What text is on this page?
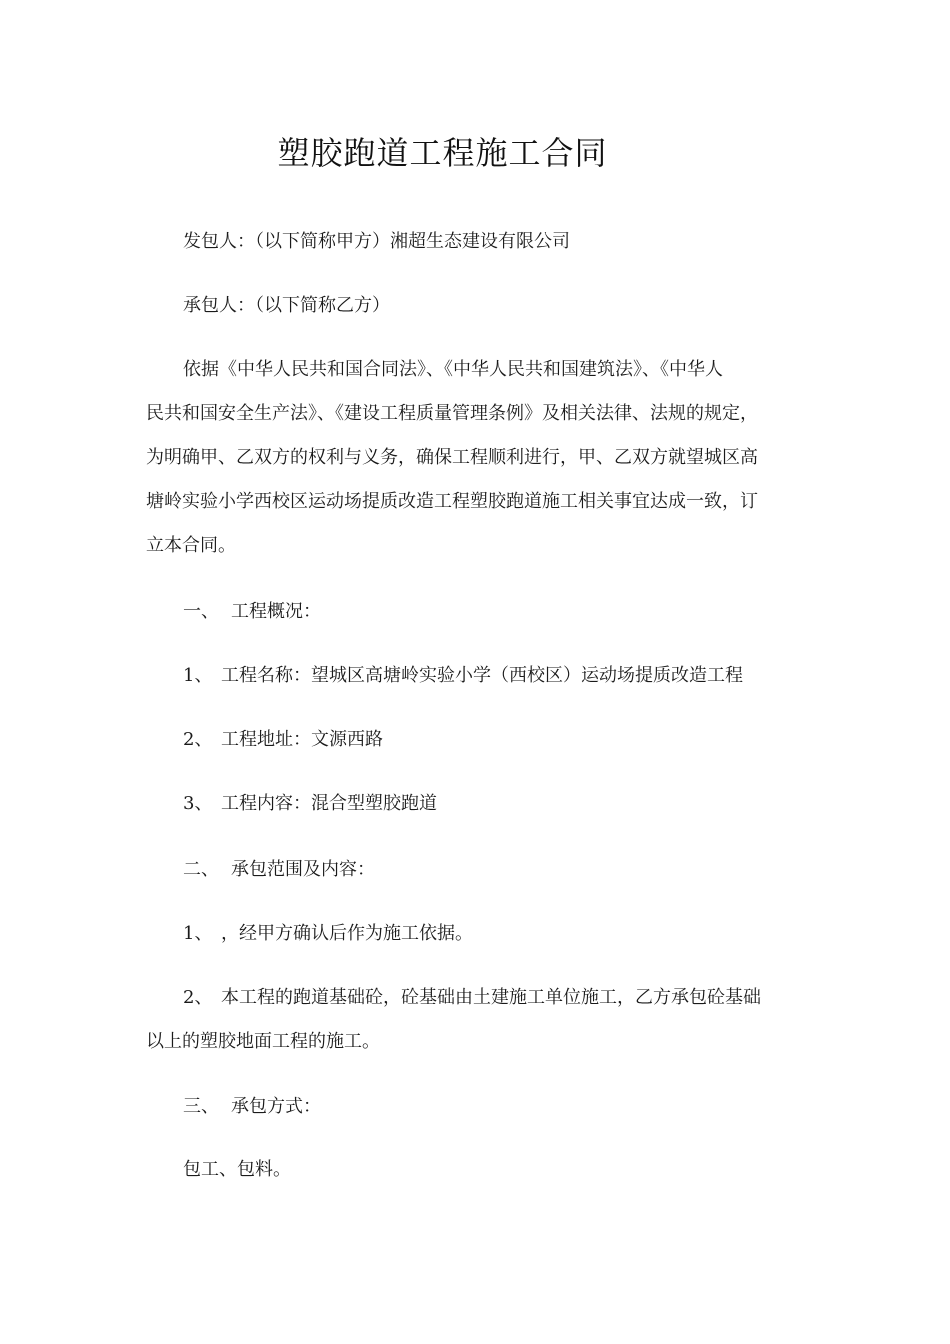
塑胶跑道工程施工合同
发包人：（以下简称甲方）湘超生态建设有限公司
承包人：（以下简称乙方）
依据《中华人民共和国合同法》、《中华人民共和国建筑法》、《中华人
民共和国安全生产法》、《建设工程质量管理条例》及相关法律、法规的规定，
为明确甲、乙双方的权利与义务，确保工程顺利进行，甲、乙双方就望城区高
塘岭实验小学西校区运动场提质改造工程塑胶跑道施工相关事宜达成一致，订
立本合同。
一、 工程概况：
1、 工程名称：望城区高塘岭实验小学（西校区）运动场提质改造工程
2、 工程地址：文源西路
3、 工程内容：混合型塑胶跑道
二、 承包范围及内容：
1、 ，经甲方确认后作为施工依据。
2、 本工程的跑道基础砼，砼基础由土建施工单位施工，乙方承包砼基础
以上的塑胶地面工程的施工。
三、 承包方式：
包工、包料。
